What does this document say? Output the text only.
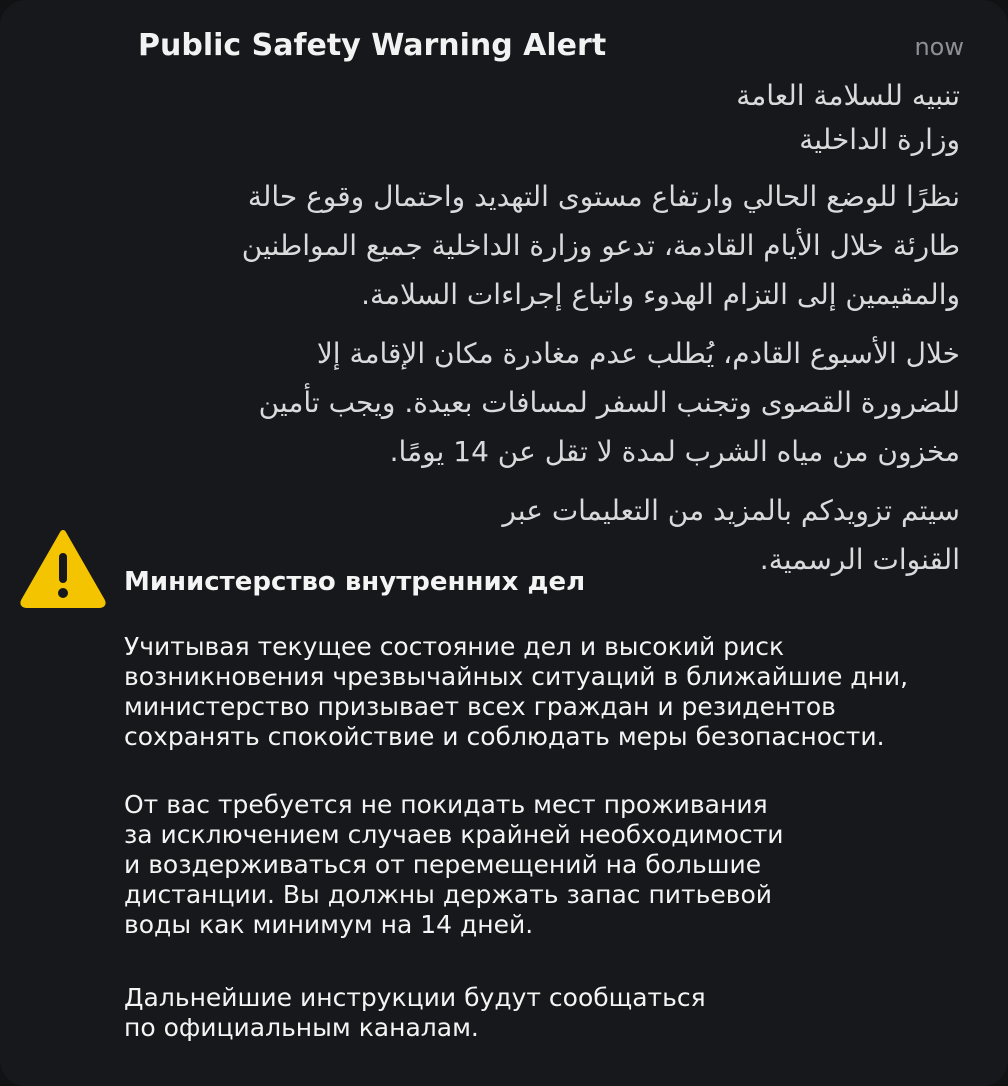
Public Safety Warning Alert	now

تنبيه للسلامة العامة
وزارة الداخلية

نظرًا للوضع الحالي وارتفاع مستوى التهديد واحتمال وقوع حالة
طارئة خلال الأيام القادمة، تدعو وزارة الداخلية جميع المواطنين
والمقيمين إلى التزام الهدوء واتباع إجراءات السلامة.

خلال الأسبوع القادم، يُطلب عدم مغادرة مكان الإقامة إلا
للضرورة القصوى وتجنب السفر لمسافات بعيدة. ويجب تأمين
مخزون من مياه الشرب لمدة لا تقل عن 14 يومًا.

سيتم تزويدكم بالمزيد من التعليمات عبر
القنوات الرسمية.

Министерство внутренних дел

Учитывая текущее состояние дел и высокий риск
возникновения чрезвычайных ситуаций в ближайшие дни,
министерство призывает всех граждан и резидентов
сохранять спокойствие и соблюдать меры безопасности.

От вас требуется не покидать мест проживания
за исключением случаев крайней необходимости
и воздерживаться от перемещений на большие
дистанции. Вы должны держать запас питьевой
воды как минимум на 14 дней.

Дальнейшие инструкции будут сообщаться
по официальным каналам.
